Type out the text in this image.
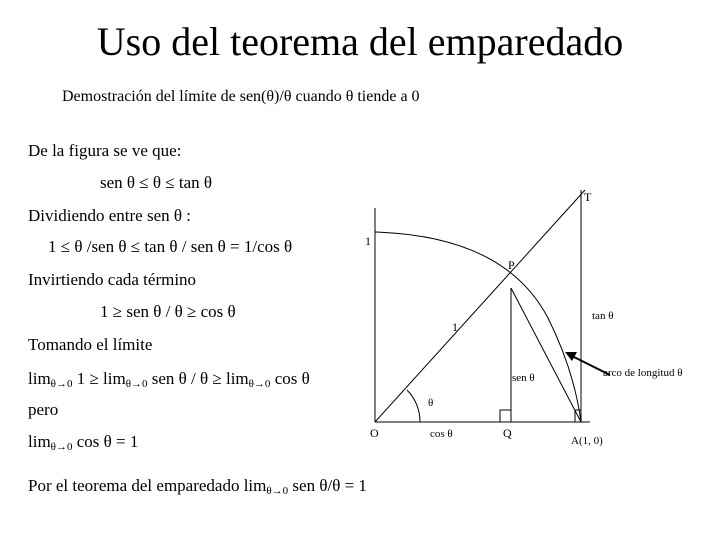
Uso del teorema del emparedado
Demostración del límite de sen(θ)/θ cuando θ tiende a 0
De la figura se ve que:
sen θ ≤ θ ≤ tan θ
Dividiendo entre sen θ :
1 ≤ θ /sen θ ≤ tan θ / sen θ = 1/cos θ
Invirtiendo cada término
1 ≥ sen θ / θ ≥ cos θ
Tomando el límite
$\lim_{\theta\to 0} 1 \ge \lim_{\theta\to 0}$ sen $\theta / \theta \ge \lim_{\theta\to 0} \cos \theta$
pero
$\lim_{\theta\to 0} \cos \theta = 1$
Por el teorema del emparedado $\lim_{\theta\to 0}$ sen θ/θ = 1
T
1
P
1
tan θ
arco de longitud θ
sen θ
θ
O	cos θ	Q
A(1, 0)
